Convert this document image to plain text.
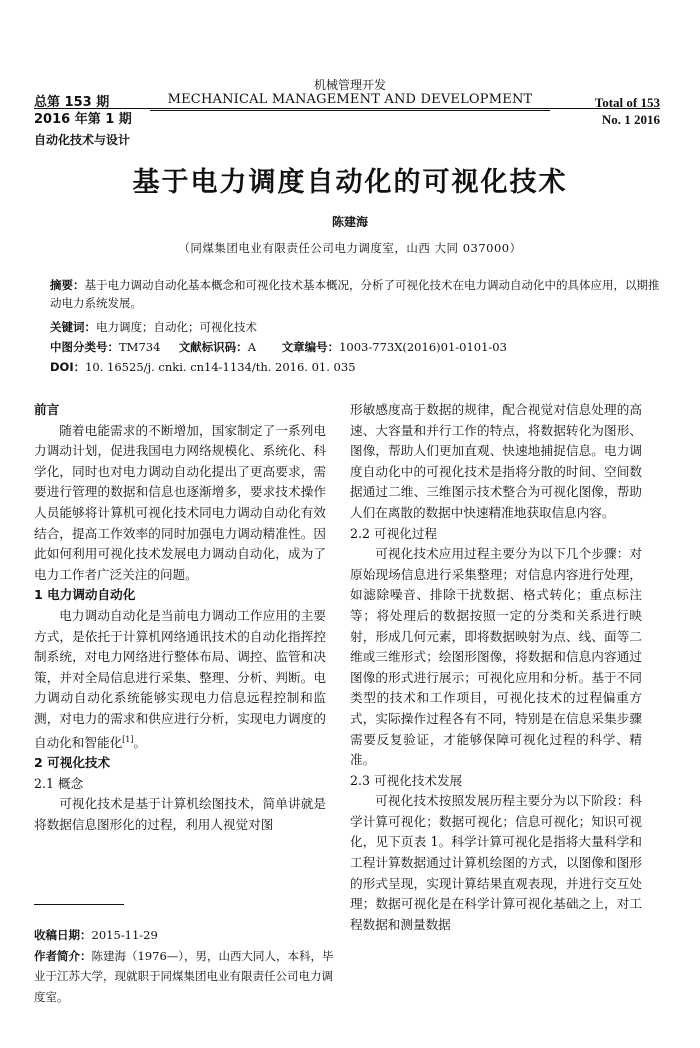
总第 153 期
2016 年第 1 期
机械管理开发
MECHANICAL MANAGEMENT AND DEVELOPMENT	Total of 153
No. 1 2016
自动化技术与设计
基于电力调度自动化的可视化技术
陈建海
（同煤集团电业有限责任公司电力调度室，山西 大同 037000）
摘要：基于电力调动自动化基本概念和可视化技术基本概况，分析了可视化技术在电力调动自动化中的具体应用，以期推动电力系统发展。
关键词：电力调度；自动化；可视化技术
中图分类号：TM734 文献标识码：A 文章编号：1003-773X(2016)01-0101-03
DOI：10. 16525/j. cnki. cn14-1134/th. 2016. 01. 035

前言

随着电能需求的不断增加，国家制定了一系列电力调动计划，促进我国电力网络规模化、系统化、科学化，同时也对电力调动自动化提出了更高要求，需要进行管理的数据和信息也逐渐增多，要求技术操作人员能够将计算机可视化技术同电力调动自动化有效结合，提高工作效率的同时加强电力调动精准性。因此如何利用可视化技术发展电力调动自动化，成为了电力工作者广泛关注的问题。

1 电力调动自动化

电力调动自动化是当前电力调动工作应用的主要方式，是依托于计算机网络通讯技术的自动化指挥控制系统，对电力网络进行整体布局、调控、监管和决策，并对全局信息进行采集、整理、分析、判断。电力调动自动化系统能够实现电力信息远程控制和监测，对电力的需求和供应进行分析，实现电力调度的自动化和智能化[1]。

2 可视化技术

2.1 概念

可视化技术是基于计算机绘图技术，简单讲就是将数据信息图形化的过程，利用人视觉对图

形敏感度高于数据的规律，配合视觉对信息处理的高速、大容量和并行工作的特点，将数据转化为图形、图像，帮助人们更加直观、快速地捕捉信息。电力调度自动化中的可视化技术是指将分散的时间、空间数据通过二维、三维图示技术整合为可视化图像，帮助人们在离散的数据中快速精准地获取信息内容。

2.2 可视化过程

可视化技术应用过程主要分为以下几个步骤：对原始现场信息进行采集整理；对信息内容进行处理，如滤除噪音、排除干扰数据、格式转化；重点标注等；将处理后的数据按照一定的分类和关系进行映射，形成几何元素，即将数据映射为点、线、面等二维或三维形式；绘图形图像，将数据和信息内容通过图像的形式进行展示；可视化应用和分析。基于不同类型的技术和工作项目，可视化技术的过程偏重方式，实际操作过程各有不同，特别是在信息采集步骤需要反复验证，才能够保障可视化过程的科学、精准。

2.3 可视化技术发展

可视化技术按照发展历程主要分为以下阶段：科学计算可视化；数据可视化；信息可视化；知识可视化，见下页表 1。科学计算可视化是指将大量科学和工程计算数据通过计算机绘图的方式，以图像和图形的形式呈现，实现计算结果直观表现，并进行交互处理；数据可视化是在科学计算可视化基础之上，对工程数据和测量数据

收稿日期：2015-11-29
作者简介：陈建海（1976—），男，山西大同人，本科，毕业于江苏大学，现就职于同煤集团电业有限责任公司电力调度室。
